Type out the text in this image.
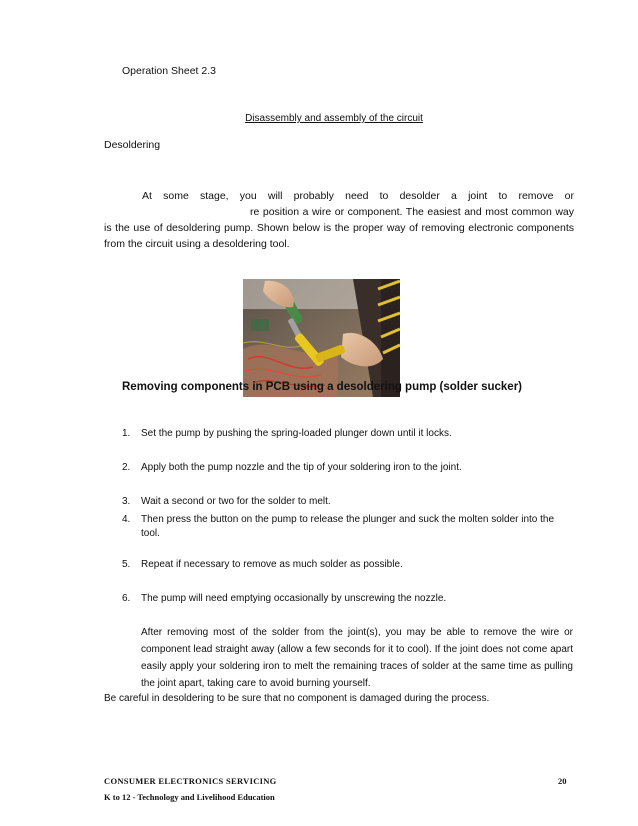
Operation Sheet 2.3
Disassembly and assembly of the circuit
Desoldering
At some stage, you will probably need to desolder a joint to remove orre position a wire or component. The easiest and most common way is the use of desoldering pump. Shown below is the proper way of removing electronic components from the circuit using a desoldering tool.
Removing components in PCB using a desoldering pump (solder sucker)
1. Set the pump by pushing the spring-loaded plunger down until it locks.
2. Apply both the pump nozzle and the tip of your soldering iron to the joint.
3. Wait a second or two for the solder to melt.
4. Then press the button on the pump to release the plunger and suck the molten solder into the tool.
5. Repeat if necessary to remove as much solder as possible.
6. The pump will need emptying occasionally by unscrewing the nozzle.
After removing most of the solder from the joint(s), you may be able to remove the wire or component lead straight away (allow a few seconds for it to cool). If the joint does not come apart easily apply your soldering iron to melt the remaining traces of solder at the same time as pulling the joint apart, taking care to avoid burning yourself.
Be careful in desoldering to be sure that no component is damaged during the process.
CONSUMER ELECTRONICS SERVICING
K to 12 - Technology and Livelihood Education
20
